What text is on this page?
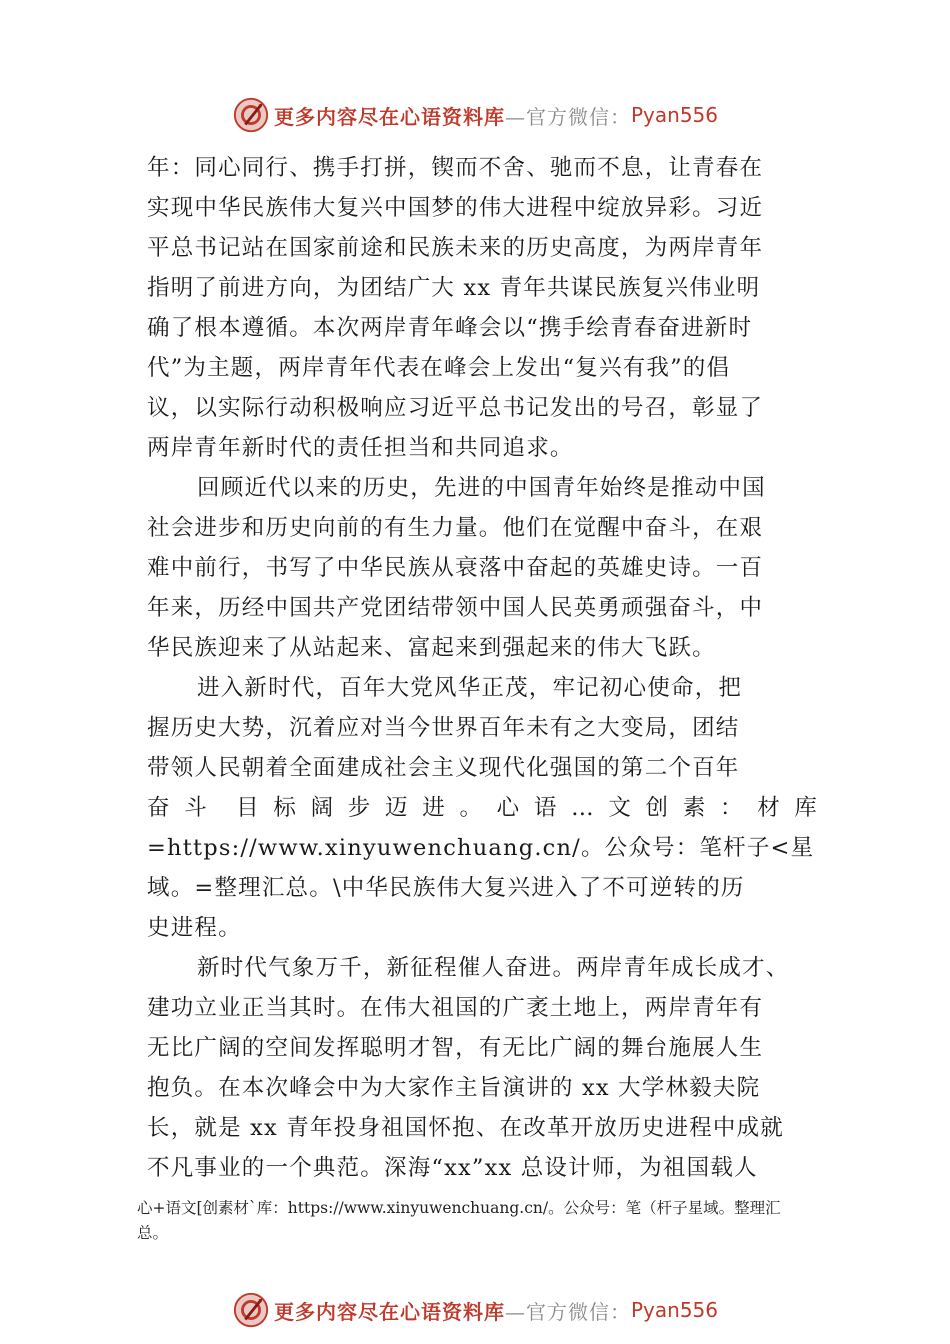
更多内容尽在心语资料库 —官方微信： Pyan556
年：同心同行、携手打拼，锲而不舍、驰而不息，让青春在
实现中华民族伟大复兴中国梦的伟大进程中绽放异彩。习近
平总书记站在国家前途和民族未来的历史高度，为两岸青年
指明了前进方向，为团结广大 xx 青年共谋民族复兴伟业明
确了根本遵循。本次两岸青年峰会以“携手绘青春奋进新时
代”为主题，两岸青年代表在峰会上发出“复兴有我”的倡
议，以实际行动积极响应习近平总书记发出的号召，彰显了
两岸青年新时代的责任担当和共同追求。
回顾近代以来的历史，先进的中国青年始终是推动中国
社会进步和历史向前的有生力量。他们在觉醒中奋斗，在艰
难中前行，书写了中华民族从衰落中奋起的英雄史诗。一百
年来，历经中国共产党团结带领中国人民英勇顽强奋斗，中
华民族迎来了从站起来、富起来到强起来的伟大飞跃。
进入新时代，百年大党风华正茂，牢记初心使命，把
握历史大势，沉着应对当今世界百年未有之大变局，团结
带领人民朝着全面建成社会主义现代化强国的第二个百年
奋 斗 目 标 阔 步 迈 进 。 心 语 … 文 创 素 ： 材 库
=https://www.xinyuwenchuang.cn/。公众号：笔杆子<星
域。=整理汇总。\中华民族伟大复兴进入了不可逆转的历
史进程。
新时代气象万千，新征程催人奋进。两岸青年成长成才、
建功立业正当其时。在伟大祖国的广袤土地上，两岸青年有
无比广阔的空间发挥聪明才智，有无比广阔的舞台施展人生
抱负。在本次峰会中为大家作主旨演讲的 xx 大学林毅夫院
长，就是 xx 青年投身祖国怀抱、在改革开放历史进程中成就
不凡事业的一个典范。深海“xx”xx 总设计师，为祖国载人
心+语文[创素材`库：https://www.xinyuwenchuang.cn/。公众号：笔（杆子星域。整理汇
总。
更多内容尽在心语资料库 —官方微信： Pyan556
